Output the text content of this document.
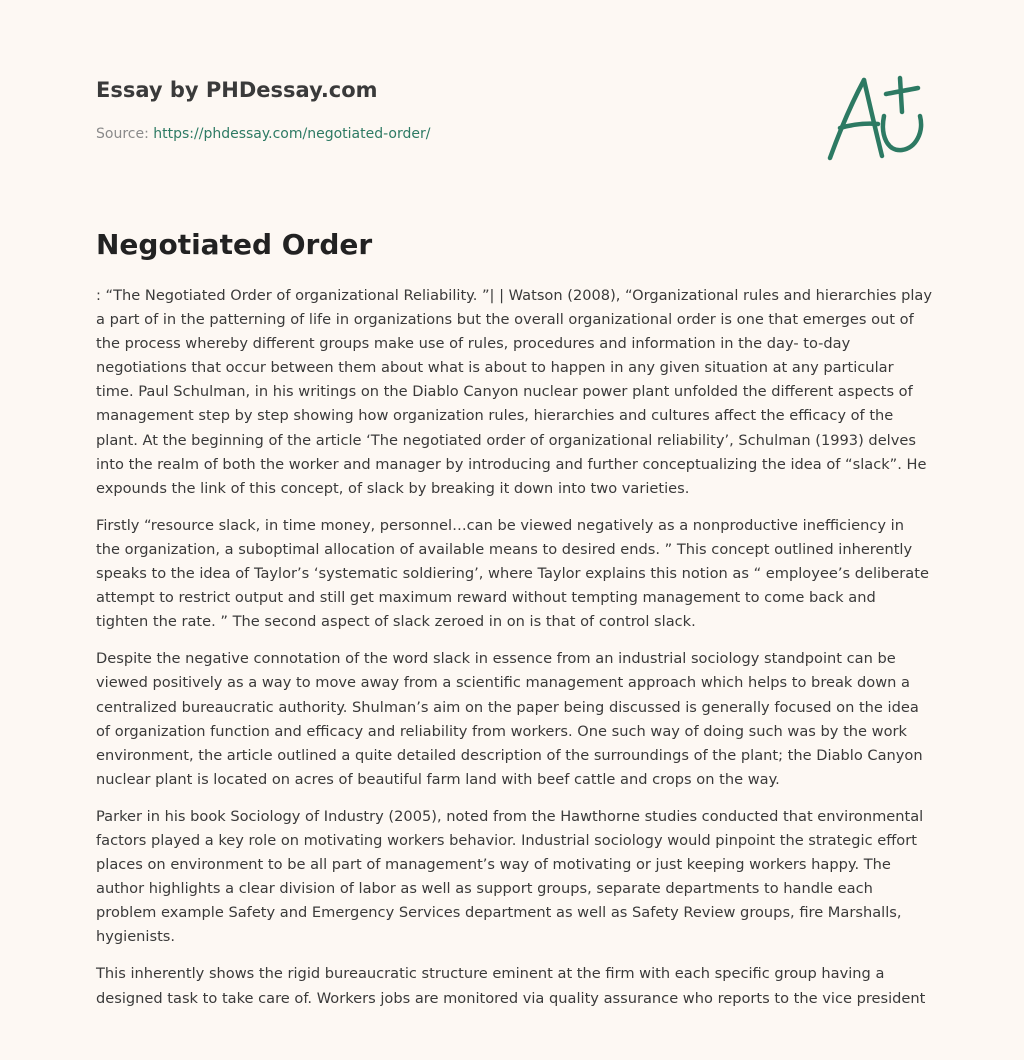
Essay by PHDessay.com
Source: https://phdessay.com/negotiated-order/
Negotiated Order

: “The Negotiated Order of organizational Reliability. ”| | Watson (2008), “Organizational rules and hierarchies play a part of in the patterning of life in organizations but the overall organizational order is one that emerges out of the process whereby different groups make use of rules, procedures and information in the day- to-day negotiations that occur between them about what is about to happen in any given situation at any particular time. Paul Schulman, in his writings on the Diablo Canyon nuclear power plant unfolded the different aspects of management step by step showing how organization rules, hierarchies and cultures affect the efficacy of the plant. At the beginning of the article ‘The negotiated order of organizational reliability’, Schulman (1993) delves into the realm of both the worker and manager by introducing and further conceptualizing the idea of “slack”. He expounds the link of this concept, of slack by breaking it down into two varieties.

Firstly “resource slack, in time money, personnel…can be viewed negatively as a nonproductive inefficiency in the organization, a suboptimal allocation of available means to desired ends. ” This concept outlined inherently speaks to the idea of Taylor’s ‘systematic soldiering’, where Taylor explains this notion as “ employee’s deliberate attempt to restrict output and still get maximum reward without tempting management to come back and tighten the rate. ” The second aspect of slack zeroed in on is that of control slack.

Despite the negative connotation of the word slack in essence from an industrial sociology standpoint can be viewed positively as a way to move away from a scientific management approach which helps to break down a centralized bureaucratic authority. Shulman’s aim on the paper being discussed is generally focused on the idea of organization function and efficacy and reliability from workers. One such way of doing such was by the work environment, the article outlined a quite detailed description of the surroundings of the plant; the Diablo Canyon nuclear plant is located on acres of beautiful farm land with beef cattle and crops on the way.

Parker in his book Sociology of Industry (2005), noted from the Hawthorne studies conducted that environmental factors played a key role on motivating workers behavior. Industrial sociology would pinpoint the strategic effort places on environment to be all part of management’s way of motivating or just keeping workers happy. The author highlights a clear division of labor as well as support groups, separate departments to handle each problem example Safety and Emergency Services department as well as Safety Review groups, fire Marshalls, hygienists.

This inherently shows the rigid bureaucratic structure eminent at the firm with each specific group having a designed task to take care of. Workers jobs are monitored via quality assurance who reports to the vice president
